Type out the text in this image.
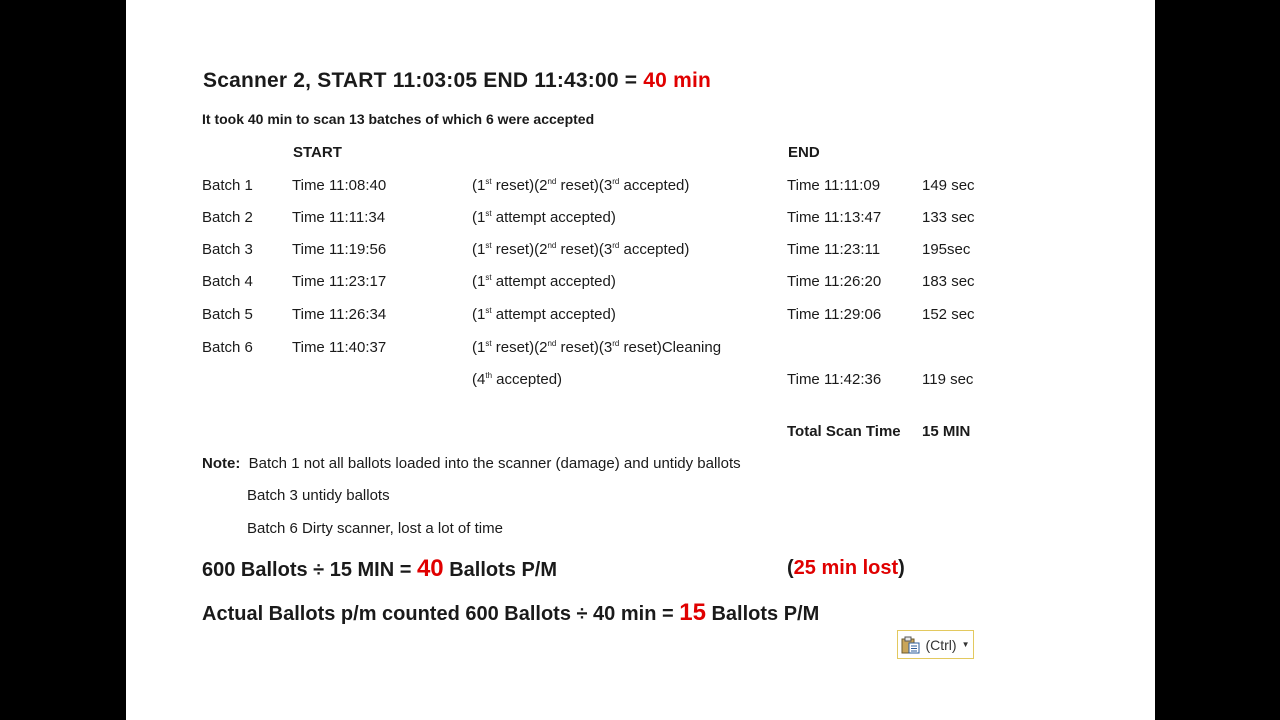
Scanner 2, START 11:03:05 END 11:43:00 = 40 min
It took 40 min to scan 13 batches of which 6 were accepted
START	END
Batch 1	Time 11:08:40	(1st reset)(2nd reset)(3rd accepted)	Time 11:11:09	149 sec
Batch 2	Time 11:11:34	(1st attempt accepted)	Time 11:13:47	133 sec
Batch 3	Time 11:19:56	(1st reset)(2nd reset)(3rd accepted)	Time 11:23:11	195sec
Batch 4	Time 11:23:17	(1st attempt accepted)	Time 11:26:20	183 sec
Batch 5	Time 11:26:34	(1st attempt accepted)	Time 11:29:06	152 sec
Batch 6	Time 11:40:37	(1st reset)(2nd reset)(3rd reset)Cleaning
(4th accepted)	Time 11:42:36	119 sec
Total Scan Time 15 MIN
Note: Batch 1 not all ballots loaded into the scanner (damage) and untidy ballots
Batch 3 untidy ballots
Batch 6 Dirty scanner, lost a lot of time
600 Ballots ÷ 15 MIN = 40 Ballots P/M	(25 min lost)
Actual Ballots p/m counted 600 Ballots ÷ 40 min = 15 Ballots P/M
(Ctrl) ▼
